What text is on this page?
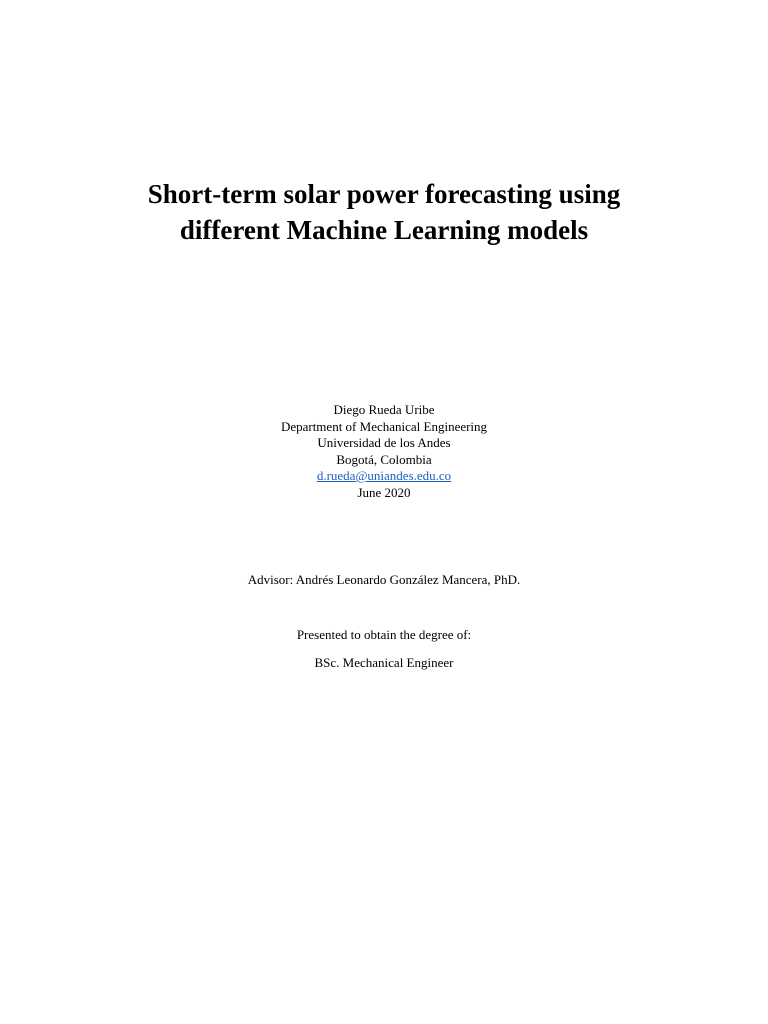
Short-term solar power forecasting using
different Machine Learning models
Diego Rueda Uribe
Department of Mechanical Engineering
Universidad de los Andes
Bogotá, Colombia
d.rueda@uniandes.edu.co
June 2020
Advisor: Andrés Leonardo González Mancera, PhD.
Presented to obtain the degree of:
BSc. Mechanical Engineer
